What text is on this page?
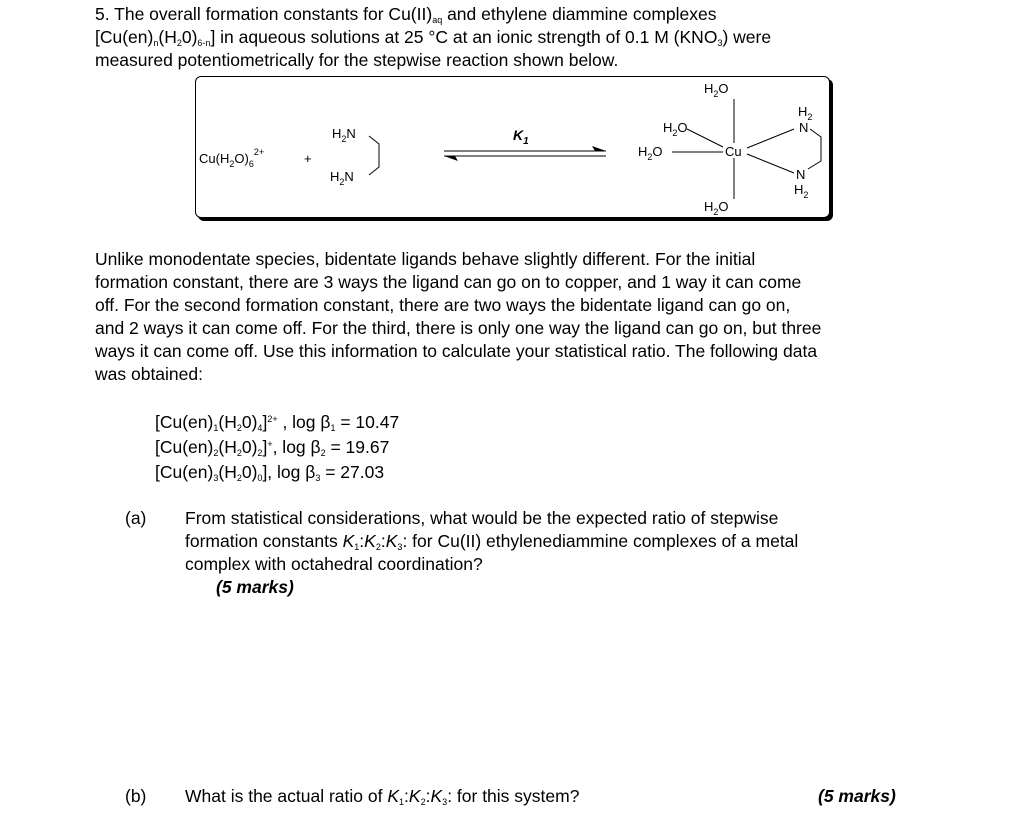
5. The overall formation constants for $Cu(II)_{aq}$ and ethylene diammine complexes

$[Cu(en)_n(H_20)_{6-n}]$ in aqueous solutions at 25 °C at an ionic strength of 0.1 M $(KNO_3)$ were

measured potentiometrically for the stepwise reaction shown below.

$Cu(H_2O)_6^{2+}$	+
$H_2N$
$H_2N$
$K_1$
$H_2O$
$H_2O$
$H_2O$
$H_2O$
Cu
$H_2$
N
N
$H_2$

Unlike monodentate species, bidentate ligands behave slightly different. For the initial

formation constant, there are 3 ways the ligand can go on to copper, and 1 way it can come

off. For the second formation constant, there are two ways the bidentate ligand can go on,

and 2 ways it can come off. For the third, there is only one way the ligand can go on, but three

ways it can come off. Use this information to calculate your statistical ratio. The following data

was obtained:

$[Cu(en)_1(H_20)_4]^{2+}$ , $\log \beta_1 = 10.47$
$[Cu(en)_2(H_20)_2]^+$, $\log \beta_2 = 19.67$
$[Cu(en)_3(H_20)_0]$, $\log \beta_3 = 27.03$
(a) From statistical considerations, what would be the expected ratio of stepwise

formation constants $K_1:K_2:K_3$: for Cu(II) ethylenediammine complexes of a metal

complex with octahedral coordination?

(5 marks)

(b) What is the actual ratio of $K_1:K_2:K_3$: for this system?	(5 marks)
